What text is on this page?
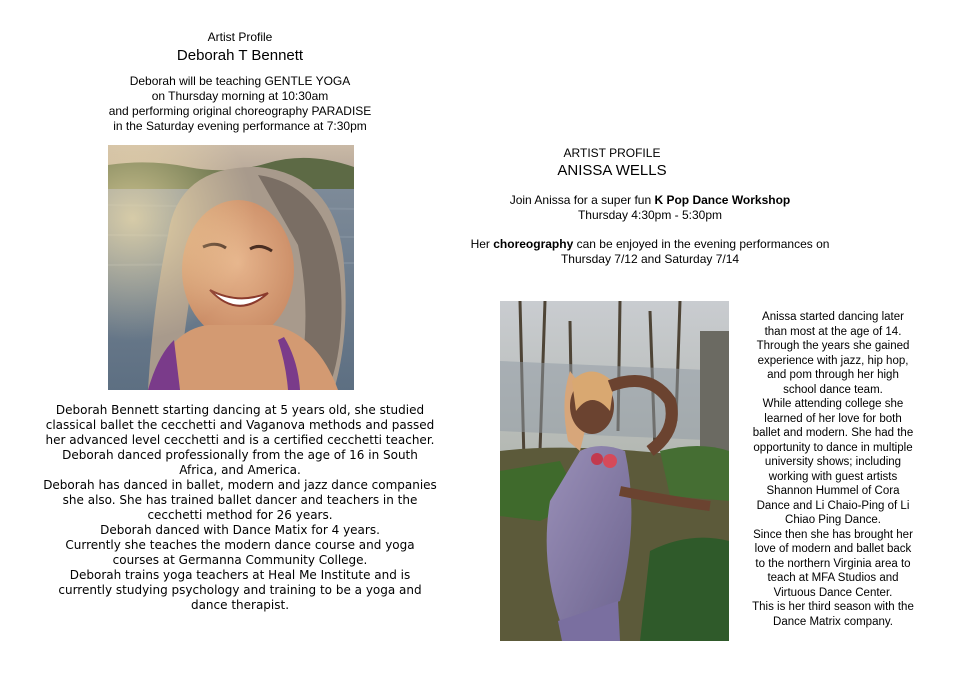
Artist Profile
Deborah T Bennett
Deborah will be teaching GENTLE YOGA
on Thursday morning at 10:30am
and performing original choreography PARADISE
in the Saturday evening performance at 7:30pm
Deborah Bennett starting dancing at 5 years old, she studied
classical ballet the cecchetti and Vaganova methods and passed
her advanced level cecchetti and is a certified cecchetti teacher.
Deborah danced professionally from the age of 16 in South
Africa, and America.
Deborah has danced in ballet, modern and jazz dance companies
she also. She has trained ballet dancer and teachers in the
cecchetti method for 26 years.
Deborah danced with Dance Matix for 4 years.
Currently she teaches the modern dance course and yoga
courses at Germanna Community College.
Deborah trains yoga teachers at Heal Me Institute and is
currently studying psychology and training to be a yoga and
dance therapist.
ARTIST PROFILE
ANISSA WELLS
Join Anissa for a super fun K Pop Dance Workshop
Thursday 4:30pm - 5:30pm
Her choreography can be enjoyed in the evening performances on
Thursday 7/12 and Saturday 7/14
Anissa started dancing later
than most at the age of 14.
Through the years she gained
experience with jazz, hip hop,
and pom through her high
school dance team.
While attending college she
learned of her love for both
ballet and modern. She had the
opportunity to dance in multiple
university shows; including
working with guest artists
Shannon Hummel of Cora
Dance and Li Chaio-Ping of Li
Chiao Ping Dance.
Since then she has brought her
love of modern and ballet back
to the northern Virginia area to
teach at MFA Studios and
Virtuous Dance Center.
This is her third season with the
Dance Matrix company.
